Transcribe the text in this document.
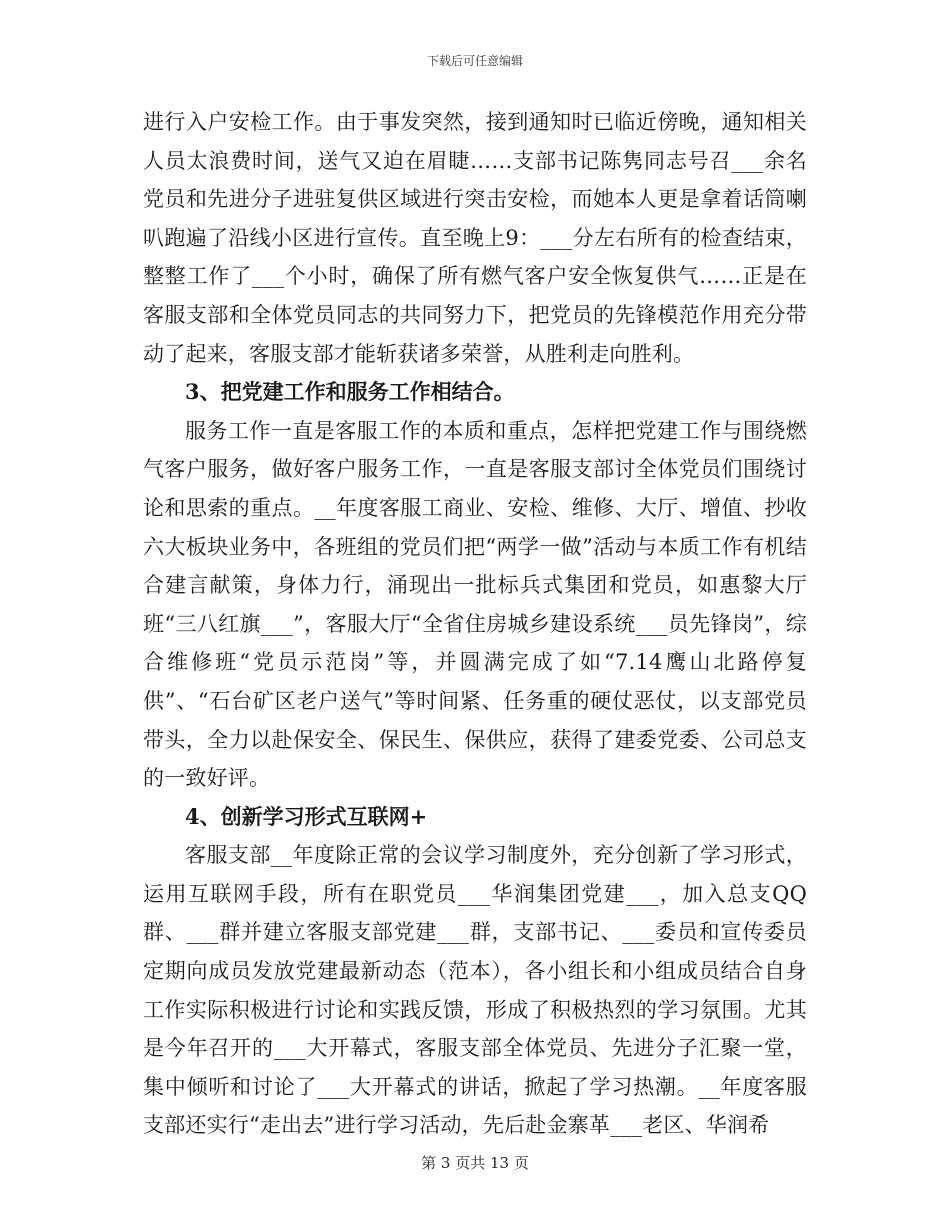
下载后可任意编辑

进行入户安检工作。由于事发突然，接到通知时已临近傍晚，通知相关人员太浪费时间，送气又迫在眉睫……支部书记陈隽同志号召___余名党员和先进分子进驻复供区域进行突击安检，而她本人更是拿着话筒喇叭跑遍了沿线小区进行宣传。直至晚上9：___分左右所有的检查结束，整整工作了___个小时，确保了所有燃气客户安全恢复供气……正是在客服支部和全体党员同志的共同努力下，把党员的先锋模范作用充分带动了起来，客服支部才能斩获诸多荣誉，从胜利走向胜利。

3、把党建工作和服务工作相结合。

服务工作一直是客服工作的本质和重点，怎样把党建工作与围绕燃气客户服务，做好客户服务工作，一直是客服支部讨全体党员们围绕讨论和思索的重点。__年度客服工商业、安检、维修、大厅、增值、抄收六大板块业务中，各班组的党员们把“两学一做”活动与本质工作有机结合建言献策，身体力行，涌现出一批标兵式集团和党员，如惠黎大厅班“三八红旗___”，客服大厅“全省住房城乡建设系统___员先锋岗”，综合维修班“党员示范岗”等，并圆满完成了如“7.14鹰山北路停复供”、“石台矿区老户送气”等时间紧、任务重的硬仗恶仗，以支部党员带头，全力以赴保安全、保民生、保供应，获得了建委党委、公司总支的一致好评。

4、创新学习形式互联网+

客服支部__年度除正常的会议学习制度外，充分创新了学习形式，运用互联网手段，所有在职党员___华润集团党建___，加入总支QQ群、___群并建立客服支部党建___群，支部书记、___委员和宣传委员定期向成员发放党建最新动态（范本），各小组长和小组成员结合自身工作实际积极进行讨论和实践反馈，形成了积极热烈的学习氛围。尤其是今年召开的___大开幕式，客服支部全体党员、先进分子汇聚一堂，集中倾听和讨论了___大开幕式的讲话，掀起了学习热潮。__年度客服支部还实行“走出去”进行学习活动，先后赴金寨革___老区、华润希

第 3 页共 13 页
